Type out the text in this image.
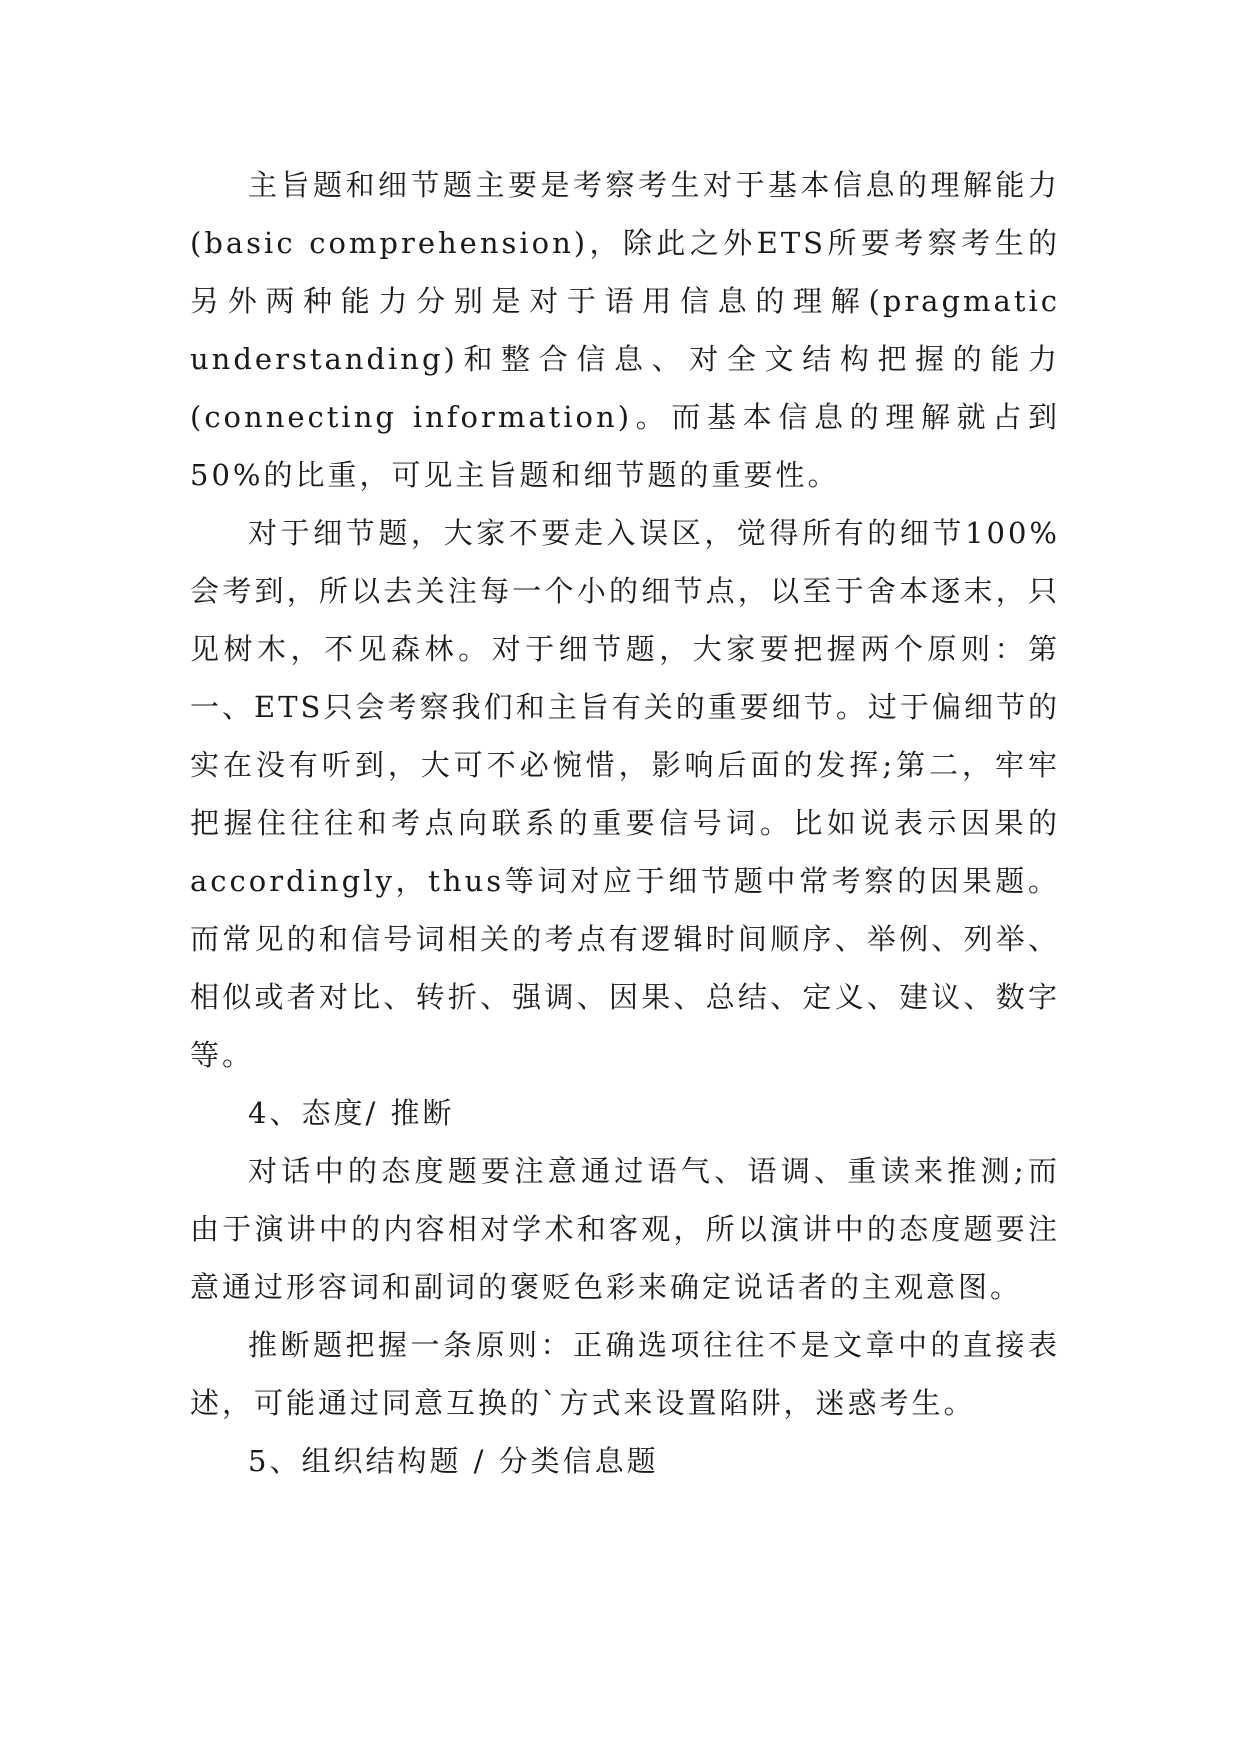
主旨题和细节题主要是考察考生对于基本信息的理解能力(basic comprehension)，除此之外ETS所要考察考生的另外两种能力分别是对于语用信息的理解(pragmatic understanding)和整合信息、对全文结构把握的能力(connecting information)。而基本信息的理解就占到50%的比重，可见主旨题和细节题的重要性。

对于细节题，大家不要走入误区，觉得所有的细节100%会考到，所以去关注每一个小的细节点，以至于舍本逐末，只见树木，不见森林。对于细节题，大家要把握两个原则：第一、ETS只会考察我们和主旨有关的重要细节。过于偏细节的实在没有听到，大可不必惋惜，影响后面的发挥;第二，牢牢把握住往往和考点向联系的重要信号词。比如说表示因果的accordingly，thus等词对应于细节题中常考察的因果题。而常见的和信号词相关的考点有逻辑时间顺序、举例、列举、相似或者对比、转折、强调、因果、总结、定义、建议、数字等。

4、态度/ 推断

对话中的态度题要注意通过语气、语调、重读来推测;而由于演讲中的内容相对学术和客观，所以演讲中的态度题要注意通过形容词和副词的褒贬色彩来确定说话者的主观意图。

推断题把握一条原则：正确选项往往不是文章中的直接表述，可能通过同意互换的`方式来设置陷阱，迷惑考生。

5、组织结构题 / 分类信息题
